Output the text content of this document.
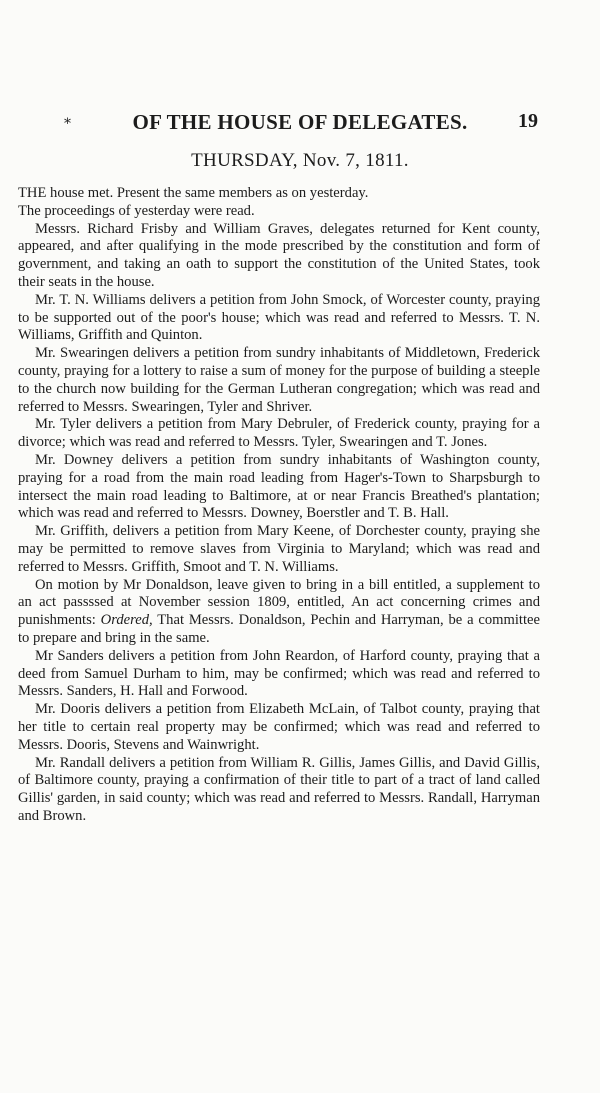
*	OF THE HOUSE OF DELEGATES.	19
THURSDAY, Nov. 7, 1811.

THE house met. Present the same members as on yesterday.

The proceedings of yesterday were read.

Messrs. Richard Frisby and William Graves, delegates returned for Kent county, appeared, and after qualifying in the mode prescribed by the constitution and form of government, and taking an oath to support the constitution of the United States, took their seats in the house.

Mr. T. N. Williams delivers a petition from John Smock, of Worcester county, praying to be supported out of the poor's house; which was read and referred to Messrs. T. N. Williams, Griffith and Quinton.

Mr. Swearingen delivers a petition from sundry inhabitants of Middletown, Frederick county, praying for a lottery to raise a sum of money for the purpose of building a steeple to the church now building for the German Lutheran congregation; which was read and referred to Messrs. Swearingen, Tyler and Shriver.

Mr. Tyler delivers a petition from Mary Debruler, of Frederick county, praying for a divorce; which was read and referred to Messrs. Tyler, Swearingen and T. Jones.

Mr. Downey delivers a petition from sundry inhabitants of Washington county, praying for a road from the main road leading from Hager's-Town to Sharpsburgh to intersect the main road leading to Baltimore, at or near Francis Breathed's plantation; which was read and referred to Messrs. Downey, Boerstler and T. B. Hall.

Mr. Griffith, delivers a petition from Mary Keene, of Dorchester county, praying she may be permitted to remove slaves from Virginia to Maryland; which was read and referred to Messrs. Griffith, Smoot and T. N. Williams.

On motion by Mr Donaldson, leave given to bring in a bill entitled, a supplement to an act passssed at November session 1809, entitled, An act concerning crimes and punishments: Ordered, That Messrs. Donaldson, Pechin and Harryman, be a committee to prepare and bring in the same.

Mr Sanders delivers a petition from John Reardon, of Harford county, praying that a deed from Samuel Durham to him, may be confirmed; which was read and referred to Messrs. Sanders, H. Hall and Forwood.

Mr. Dooris delivers a petition from Elizabeth McLain, of Talbot county, praying that her title to certain real property may be confirmed; which was read and referred to Messrs. Dooris, Stevens and Wainwright.

Mr. Randall delivers a petition from William R. Gillis, James Gillis, and David Gillis, of Baltimore county, praying a confirmation of their title to part of a tract of land called Gillis' garden, in said county; which was read and referred to Messrs. Randall, Harryman and Brown.
